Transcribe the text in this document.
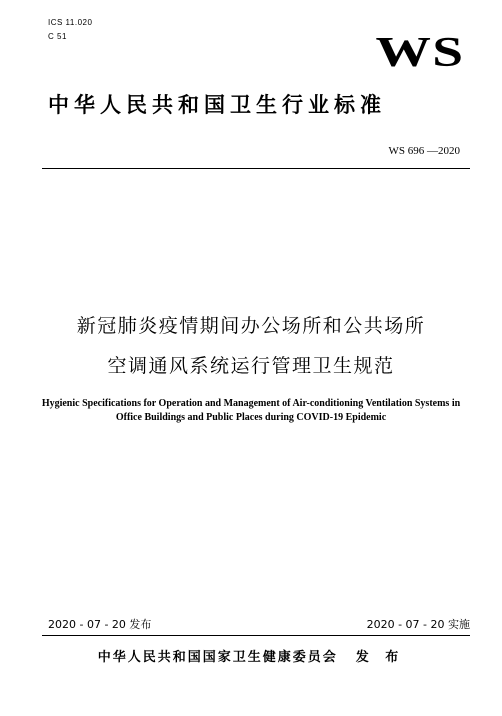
ICS 11.020
C 51	WS
中华人民共和国卫生行业标准
WS 696 —2020
新冠肺炎疫情期间办公场所和公共场所
空调通风系统运行管理卫生规范
Hygienic Specifications for Operation and Management of Air-conditioning Ventilation Systems in
Office Buildings and Public Places during COVID-19 Epidemic
2020 - 07 - 20 发布	2020 - 07 - 20 实施
中华人民共和国国家卫生健康委员会 发 布
